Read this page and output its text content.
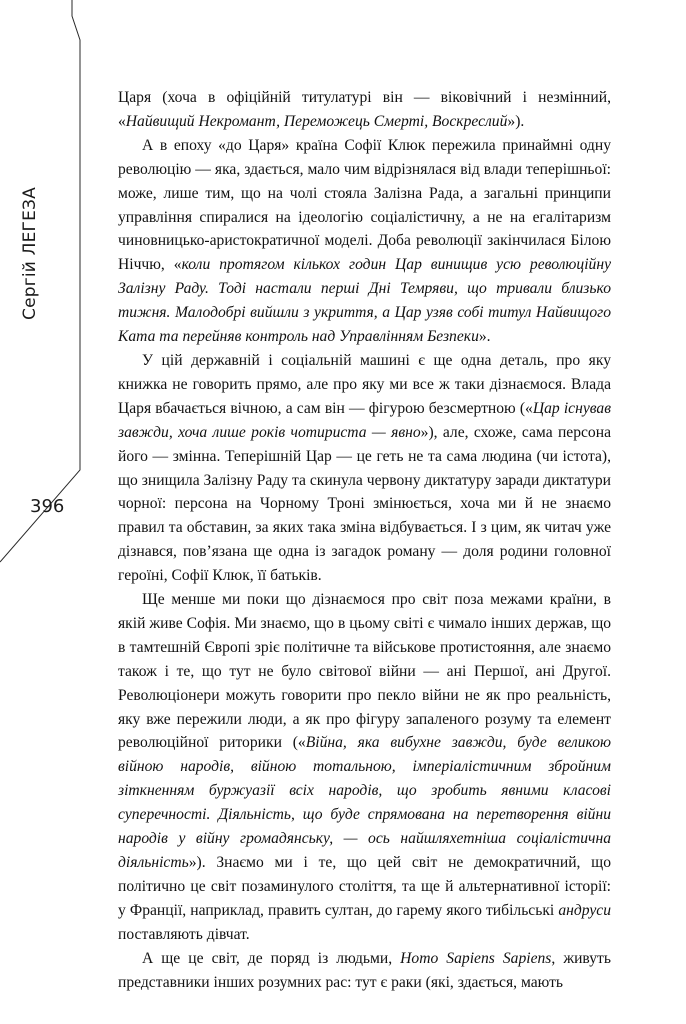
Сергій ЛЕГЕЗА
396

Царя (хоча в офіційній титулатурі він — віковічний і незмінний, «Найвищий Некромант, Переможець Смерті, Воскреслий»).

А в епоху «до Царя» країна Софії Клюк пережила принаймні одну революцію — яка, здається, мало чим відрізнялася від влади теперішньої: може, лише тим, що на чолі стояла Залізна Рада, а загальні принципи управління спиралися на ідеологію соціалістичну, а не на егалітаризм чиновницько-аристократичної моделі. Доба революції закінчилася Білою Ніччю, «коли протягом кількох годин Цар винищив усю революційну Залізну Раду. Тоді настали перші Дні Темряви, що тривали близько тижня. Малодобрі вийшли з укриття, а Цар узяв собі титул Найвищого Ката та перейняв контроль над Управлінням Безпеки».

У цій державній і соціальній машині є ще одна деталь, про яку книжка не говорить прямо, але про яку ми все ж таки дізнаємося. Влада Царя вбачається вічною, а сам він — фігурою безсмертною («Цар існував завжди, хоча лише років чотириста — явно»), але, схоже, сама персона його — змінна. Теперішній Цар — це геть не та сама людина (чи істота), що знищила Залізну Раду та скинула червону диктатуру заради диктатури чорної: персона на Чорному Троні змінюється, хоча ми й не знаємо правил та обставин, за яких така зміна відбувається. І з цим, як читач уже дізнався, пов’язана ще одна із загадок роману — доля родини головної героїні, Софії Клюк, її батьків.

Ще менше ми поки що дізнаємося про світ поза межами країни, в якій живе Софія. Ми знаємо, що в цьому світі є чимало інших держав, що в тамтешній Європі зріє політичне та військове протистояння, але знаємо також і те, що тут не було світової війни — ані Першої, ані Другої. Революціонери можуть говорити про пекло війни не як про реальність, яку вже пережили люди, а як про фігуру запаленого розуму та елемент революційної риторики («Війна, яка вибухне завжди, буде великою війною народів, війною тотальною, імперіалістичним збройним зіткненням буржуазії всіх народів, що зробить явними класові суперечності. Діяльність, що буде спрямована на перетворення війни народів у війну громадянську, — ось найшляхетніша соціалістична діяльність»). Знаємо ми і те, що цей світ не демократичний, що політично це світ позаминулого століття, та ще й альтернативної історії: у Франції, наприклад, править султан, до гарему якого тибільські андруси поставляють дівчат.

А ще це світ, де поряд із людьми, Homo Sapiens Sapiens, живуть представники інших розумних рас: тут є раки (які, здається, мають
